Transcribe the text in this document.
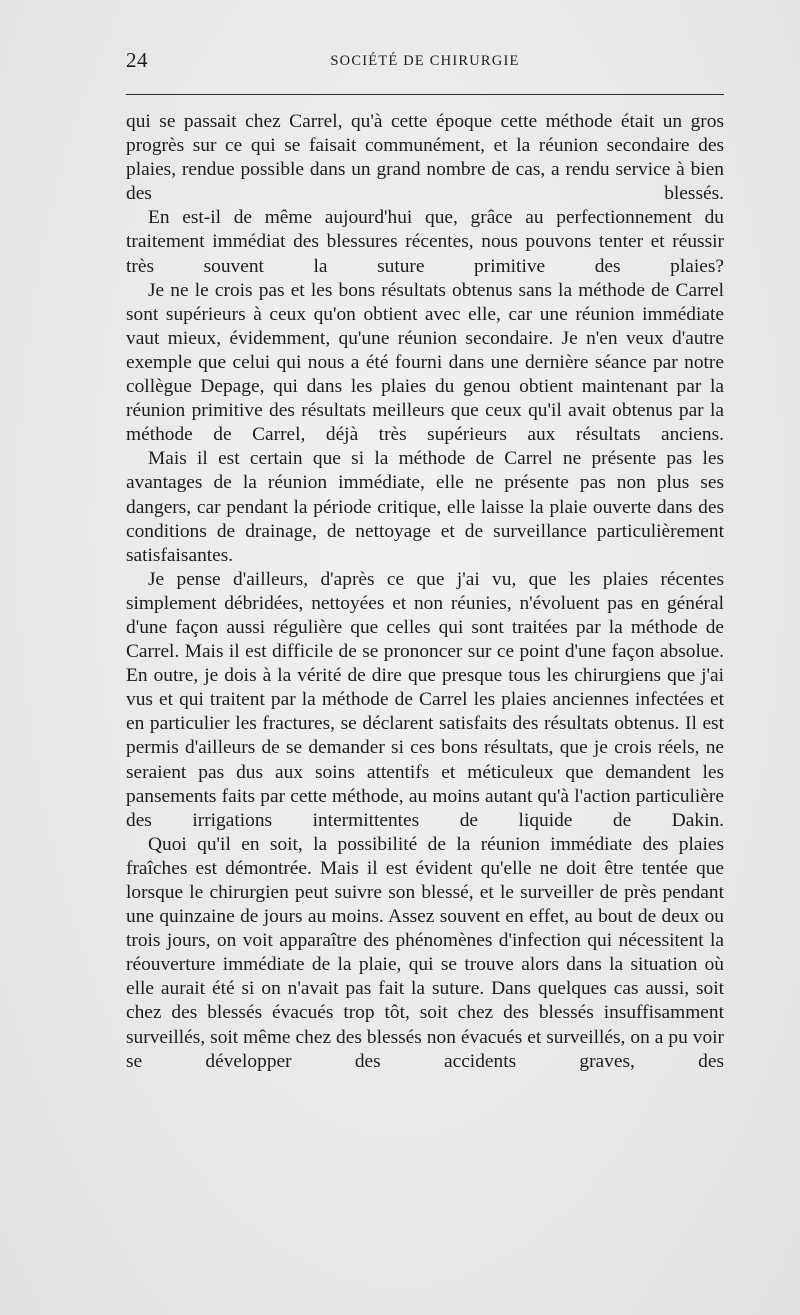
24	SOCIÉTÉ DE CHIRURGIE

qui se passait chez Carrel, qu'à cette époque cette méthode était un gros progrès sur ce qui se faisait communément, et la réunion secondaire des plaies, rendue possible dans un grand nombre de cas, a rendu service à bien des blessés.

En est-il de même aujourd'hui que, grâce au perfectionnement du traitement immédiat des blessures récentes, nous pouvons tenter et réussir très souvent la suture primitive des plaies?

Je ne le crois pas et les bons résultats obtenus sans la méthode de Carrel sont supérieurs à ceux qu'on obtient avec elle, car une réunion immédiate vaut mieux, évidemment, qu'une réunion secondaire. Je n'en veux d'autre exemple que celui qui nous a été fourni dans une dernière séance par notre collègue Depage, qui dans les plaies du genou obtient maintenant par la réunion primitive des résultats meilleurs que ceux qu'il avait obtenus par la méthode de Carrel, déjà très supérieurs aux résultats anciens.

Mais il est certain que si la méthode de Carrel ne présente pas les avantages de la réunion immédiate, elle ne présente pas non plus ses dangers, car pendant la période critique, elle laisse la plaie ouverte dans des conditions de drainage, de nettoyage et de surveillance particulièrement satisfaisantes.

Je pense d'ailleurs, d'après ce que j'ai vu, que les plaies récentes simplement débridées, nettoyées et non réunies, n'évoluent pas en général d'une façon aussi régulière que celles qui sont traitées par la méthode de Carrel. Mais il est difficile de se prononcer sur ce point d'une façon absolue. En outre, je dois à la vérité de dire que presque tous les chirurgiens que j'ai vus et qui traitent par la méthode de Carrel les plaies anciennes infectées et en particulier les fractures, se déclarent satisfaits des résultats obtenus. Il est permis d'ailleurs de se demander si ces bons résultats, que je crois réels, ne seraient pas dus aux soins attentifs et méticuleux que demandent les pansements faits par cette méthode, au moins autant qu'à l'action particulière des irrigations intermittentes de liquide de Dakin.

Quoi qu'il en soit, la possibilité de la réunion immédiate des plaies fraîches est démontrée. Mais il est évident qu'elle ne doit être tentée que lorsque le chirurgien peut suivre son blessé, et le surveiller de près pendant une quinzaine de jours au moins. Assez souvent en effet, au bout de deux ou trois jours, on voit apparaître des phénomènes d'infection qui nécessitent la réouverture immédiate de la plaie, qui se trouve alors dans la situation où elle aurait été si on n'avait pas fait la suture. Dans quelques cas aussi, soit chez des blessés évacués trop tôt, soit chez des blessés insuffisamment surveillés, soit même chez des blessés non évacués et surveillés, on a pu voir se développer des accidents graves, des
